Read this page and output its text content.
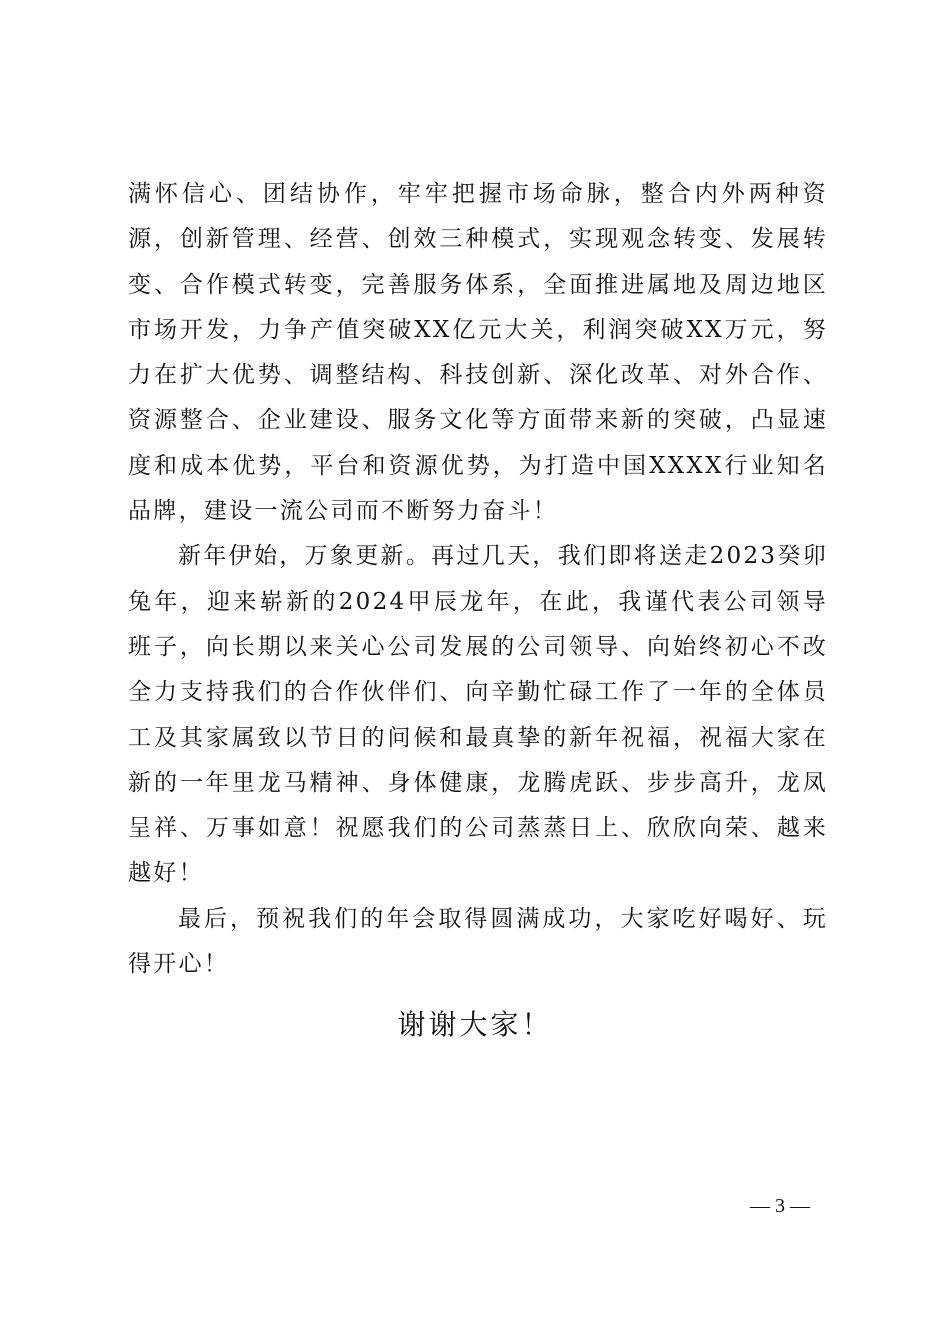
满怀信心、团结协作，牢牢把握市场命脉，整合内外两种资源，创新管理、经营、创效三种模式，实现观念转变、发展转变、合作模式转变，完善服务体系，全面推进属地及周边地区市场开发，力争产值突破XX亿元大关，利润突破XX万元，努力在扩大优势、调整结构、科技创新、深化改革、对外合作、资源整合、企业建设、服务文化等方面带来新的突破，凸显速度和成本优势，平台和资源优势，为打造中国XXXX行业知名品牌，建设一流公司而不断努力奋斗！

新年伊始，万象更新。再过几天，我们即将送走2023癸卯兔年，迎来崭新的2024甲辰龙年，在此，我谨代表公司领导班子，向长期以来关心公司发展的公司领导、向始终初心不改全力支持我们的合作伙伴们、向辛勤忙碌工作了一年的全体员工及其家属致以节日的问候和最真挚的新年祝福，祝福大家在新的一年里龙马精神、身体健康，龙腾虎跃、步步高升，龙凤呈祥、万事如意！祝愿我们的公司蒸蒸日上、欣欣向荣、越来越好！

最后，预祝我们的年会取得圆满成功，大家吃好喝好、玩得开心！

谢谢大家！

— 3 —
